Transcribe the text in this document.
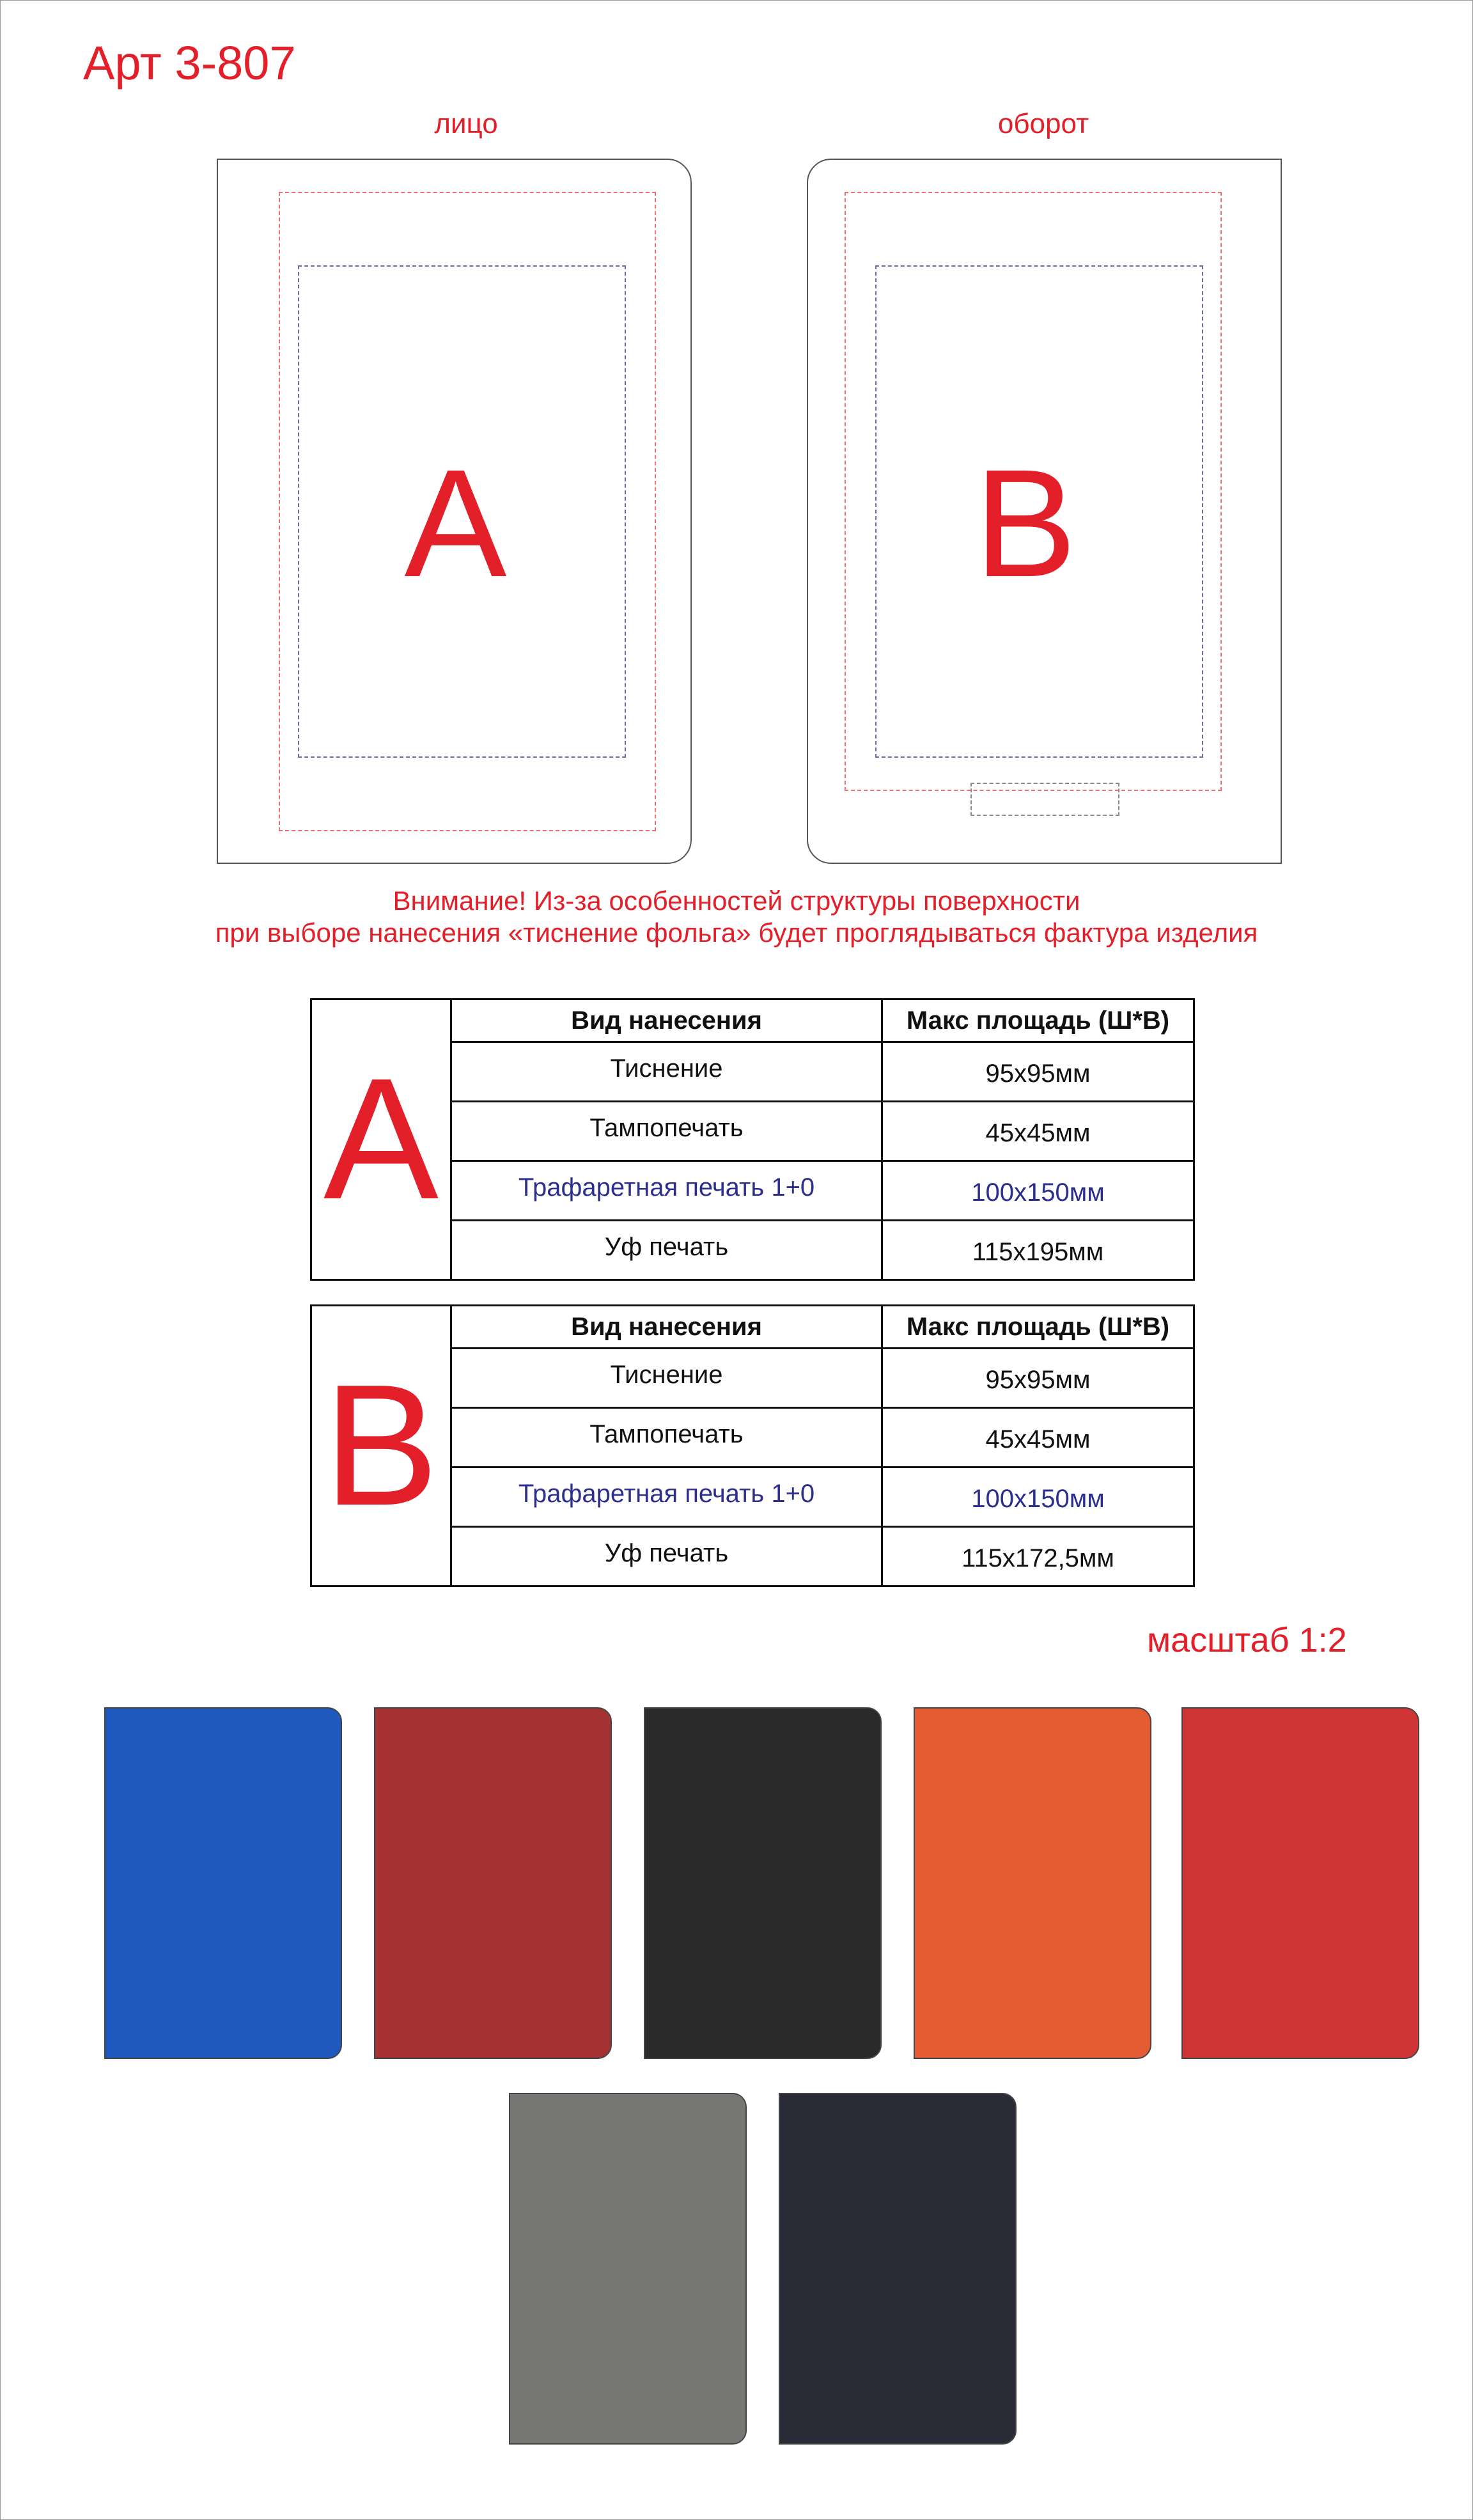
Арт 3-807
лицо	оборот
A	B
Внимание! Из-за особенностей структуры поверхности
при выборе нанесения «тиснение фольга» будет проглядываться фактура изделия
A
Вид нанесения	Макс площадь (Ш*В)
Тиснение	95х95мм
Тампопечать	45х45мм
Трафаретная печать 1+0	100х150мм
Уф печать	115х195мм
B
Вид нанесения	Макс площадь (Ш*В)
Тиснение	95х95мм
Тампопечать	45х45мм
Трафаретная печать 1+0	100х150мм
Уф печать	115х172,5мм
масштаб 1:2
